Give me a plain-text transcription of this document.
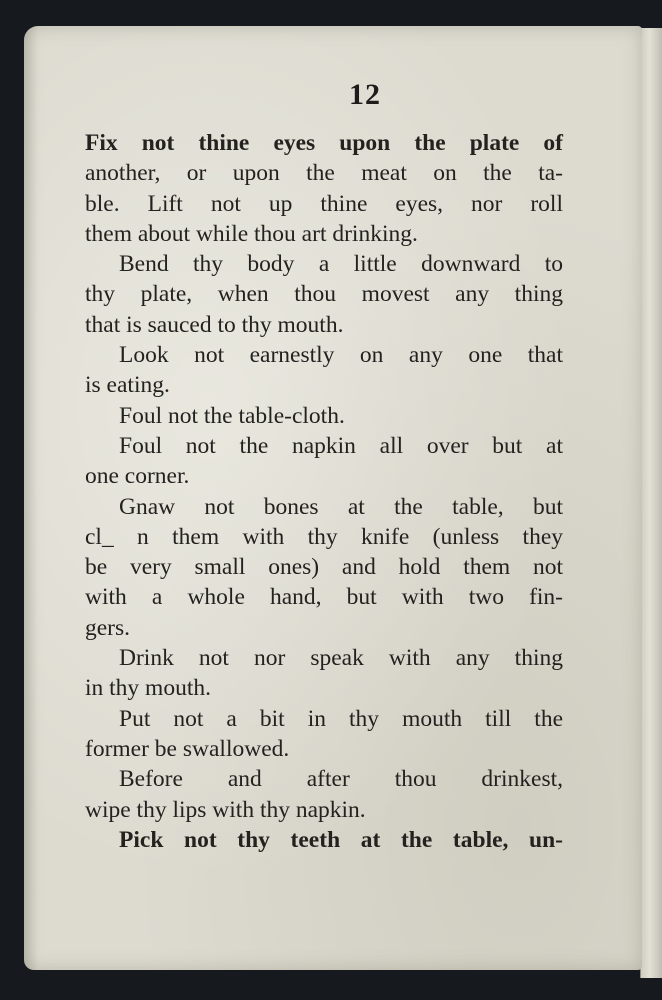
12
Fix not thine eyes upon the plate of
another, or upon the meat on the ta-
ble. Lift not up thine eyes, nor roll
them about while thou art drinking.
Bend thy body a little downward to
thy plate, when thou movest any thing
that is sauced to thy mouth.
Look not earnestly on any one that
is eating.
Foul not the table-cloth.
Foul not the napkin all over but at
one corner.
Gnaw not bones at the table, but
cl_ n them with thy knife (unless they
be very small ones) and hold them not
with a whole hand, but with two fin-
gers.
Drink not nor speak with any thing
in thy mouth.
Put not a bit in thy mouth till the
former be swallowed.
Before and after thou drinkest,
wipe thy lips with thy napkin.
Pick not thy teeth at the table, un-
